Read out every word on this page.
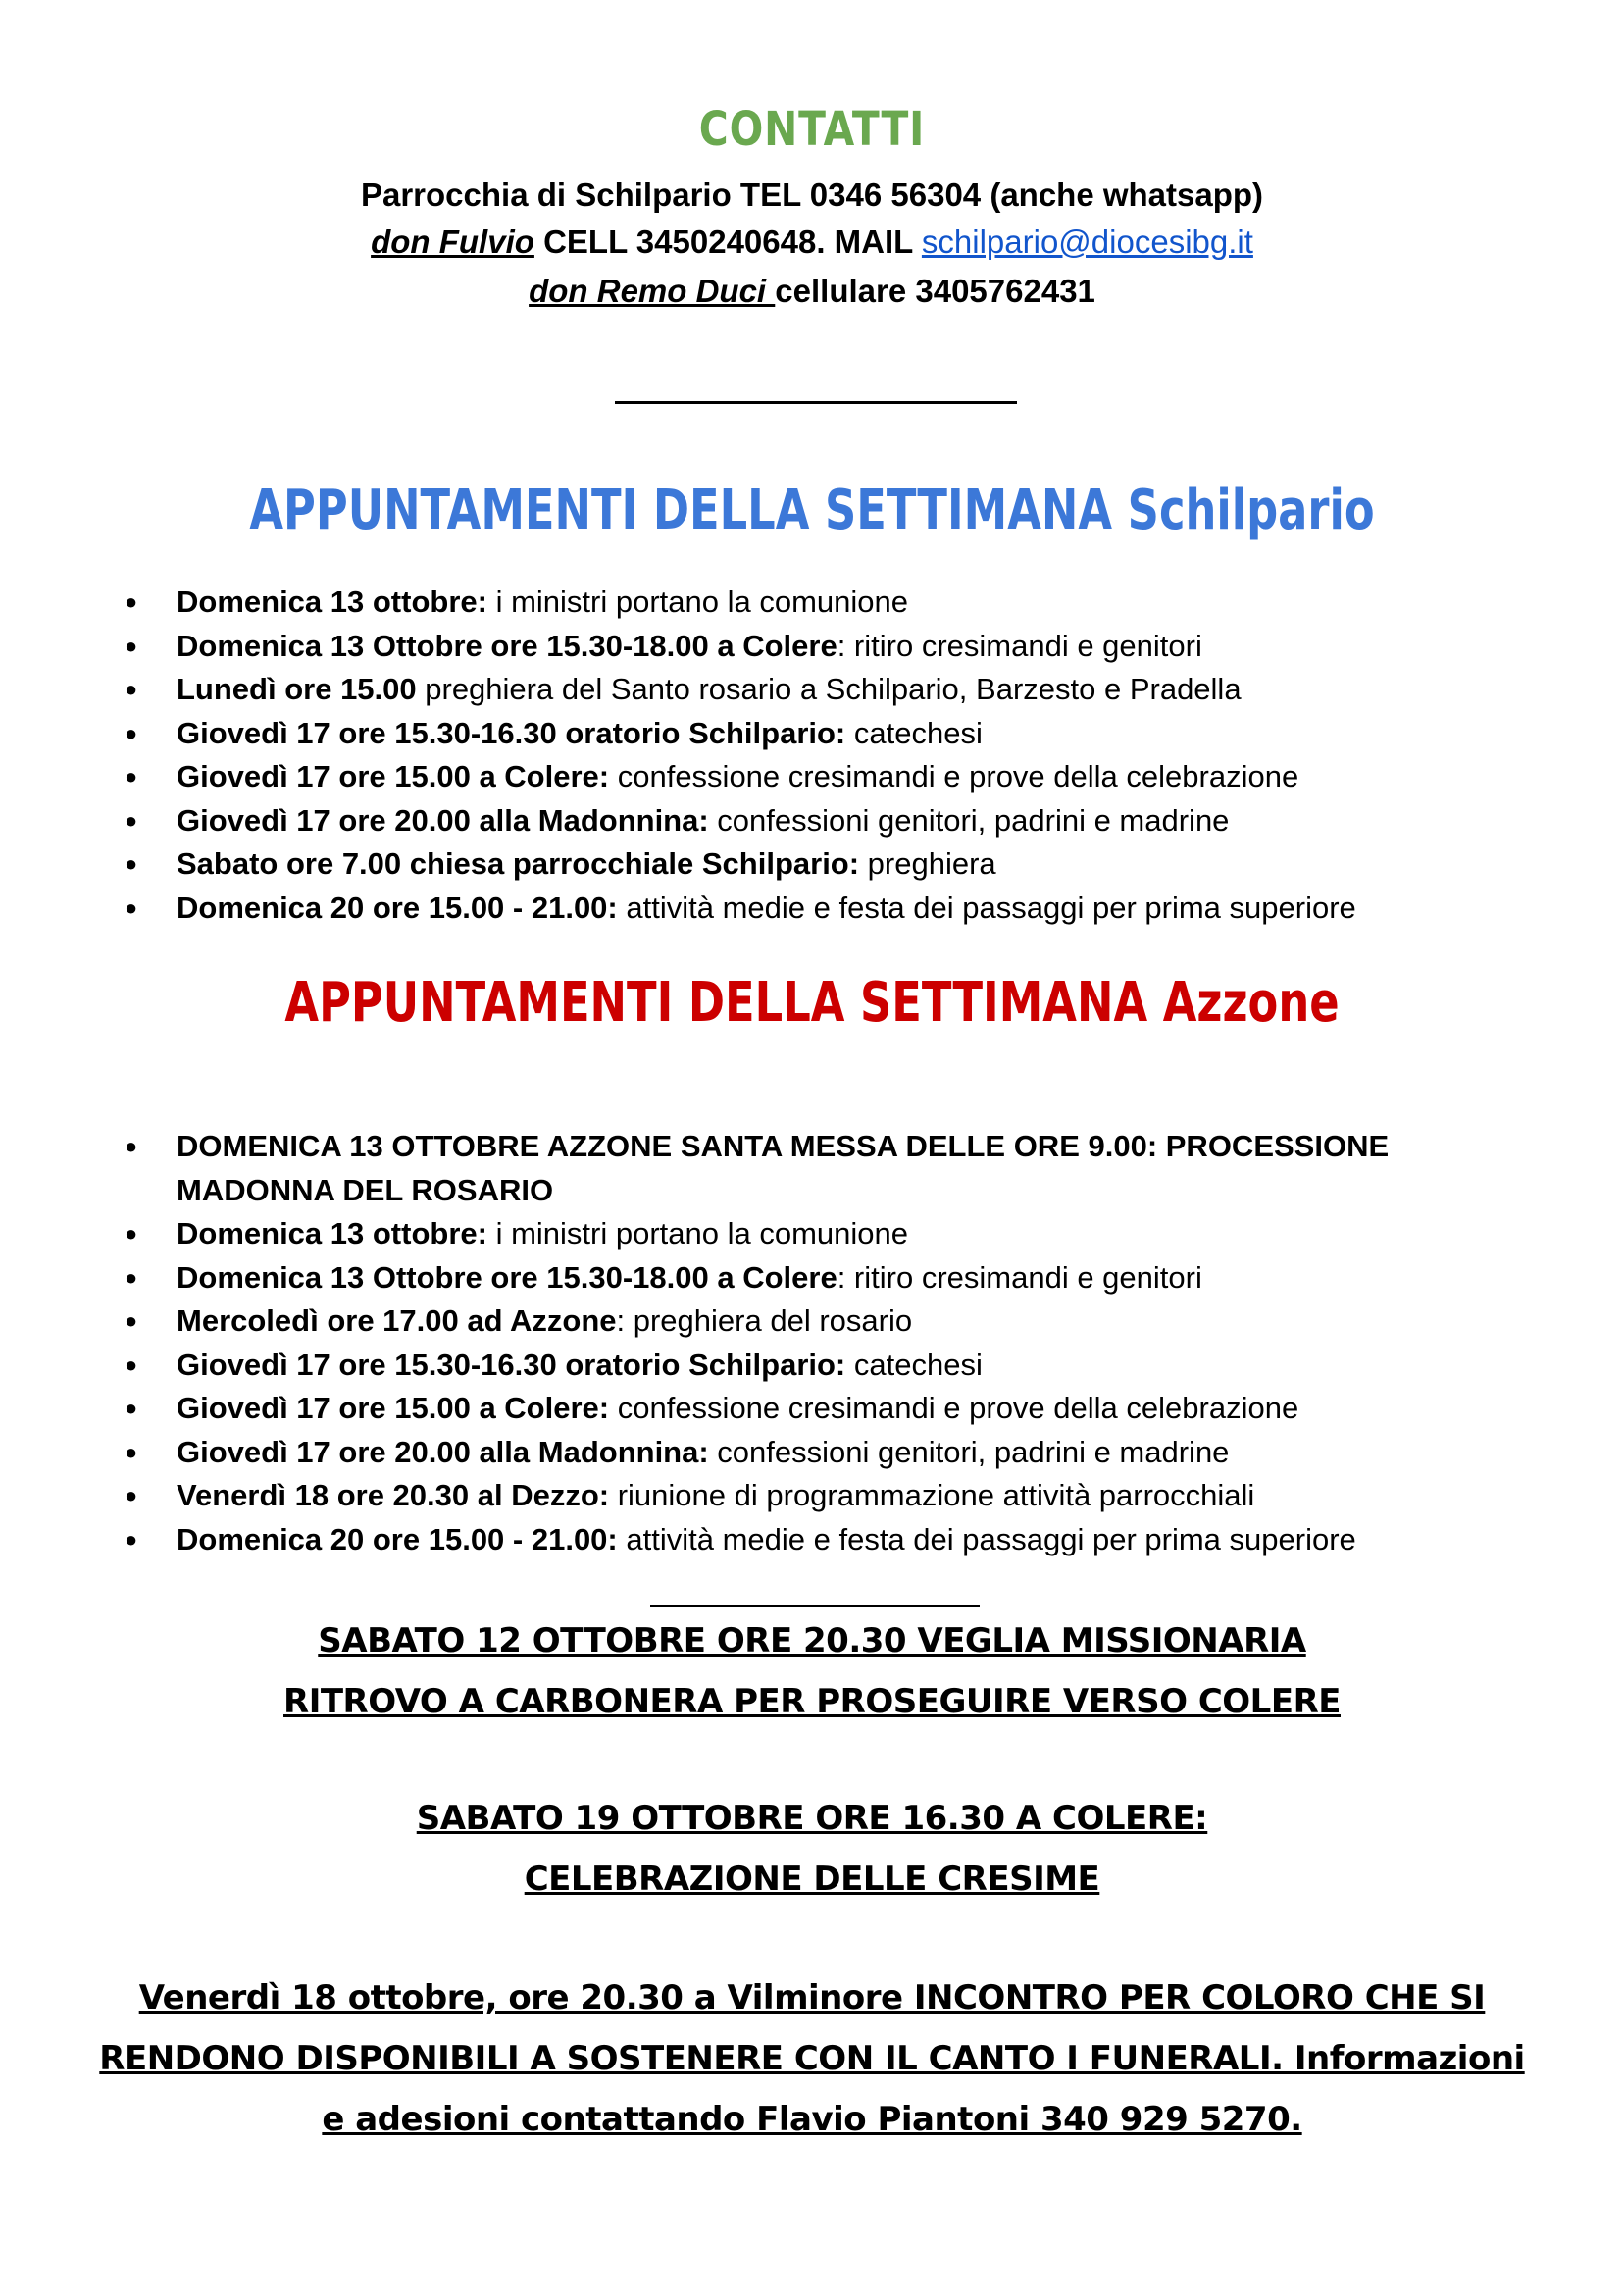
CONTATTI
Parrocchia di Schilpario TEL 0346 56304 (anche whatsapp)
don Fulvio CELL 3450240648. MAIL schilpario@diocesibg.it
don Remo Duci cellulare 3405762431
APPUNTAMENTI DELLA SETTIMANA Schilpario
● Domenica 13 ottobre: i ministri portano la comunione
● Domenica 13 Ottobre ore 15.30-18.00 a Colere: ritiro cresimandi e genitori
● Lunedì ore 15.00 preghiera del Santo rosario a Schilpario, Barzesto e Pradella
● Giovedì 17 ore 15.30-16.30 oratorio Schilpario: catechesi
● Giovedì 17 ore 15.00 a Colere: confessione cresimandi e prove della celebrazione
● Giovedì 17 ore 20.00 alla Madonnina: confessioni genitori, padrini e madrine
● Sabato ore 7.00 chiesa parrocchiale Schilpario: preghiera
● Domenica 20 ore 15.00 - 21.00: attività medie e festa dei passaggi per prima superiore
APPUNTAMENTI DELLA SETTIMANA Azzone
● DOMENICA 13 OTTOBRE AZZONE SANTA MESSA DELLE ORE 9.00: PROCESSIONE MADONNA DEL ROSARIO
● Domenica 13 ottobre: i ministri portano la comunione
● Domenica 13 Ottobre ore 15.30-18.00 a Colere: ritiro cresimandi e genitori
● Mercoledì ore 17.00 ad Azzone: preghiera del rosario
● Giovedì 17 ore 15.30-16.30 oratorio Schilpario: catechesi
● Giovedì 17 ore 15.00 a Colere: confessione cresimandi e prove della celebrazione
● Giovedì 17 ore 20.00 alla Madonnina: confessioni genitori, padrini e madrine
● Venerdì 18 ore 20.30 al Dezzo: riunione di programmazione attività parrocchiali
● Domenica 20 ore 15.00 - 21.00: attività medie e festa dei passaggi per prima superiore
SABATO 12 OTTOBRE ORE 20.30 VEGLIA MISSIONARIA
RITROVO A CARBONERA PER PROSEGUIRE VERSO COLERE
SABATO 19 OTTOBRE ORE 16.30 A COLERE:
CELEBRAZIONE DELLE CRESIME
Venerdì 18 ottobre, ore 20.30 a Vilminore INCONTRO PER COLORO CHE SI
RENDONO DISPONIBILI A SOSTENERE CON IL CANTO I FUNERALI. Informazioni
e adesioni contattando Flavio Piantoni 340 929 5270.
